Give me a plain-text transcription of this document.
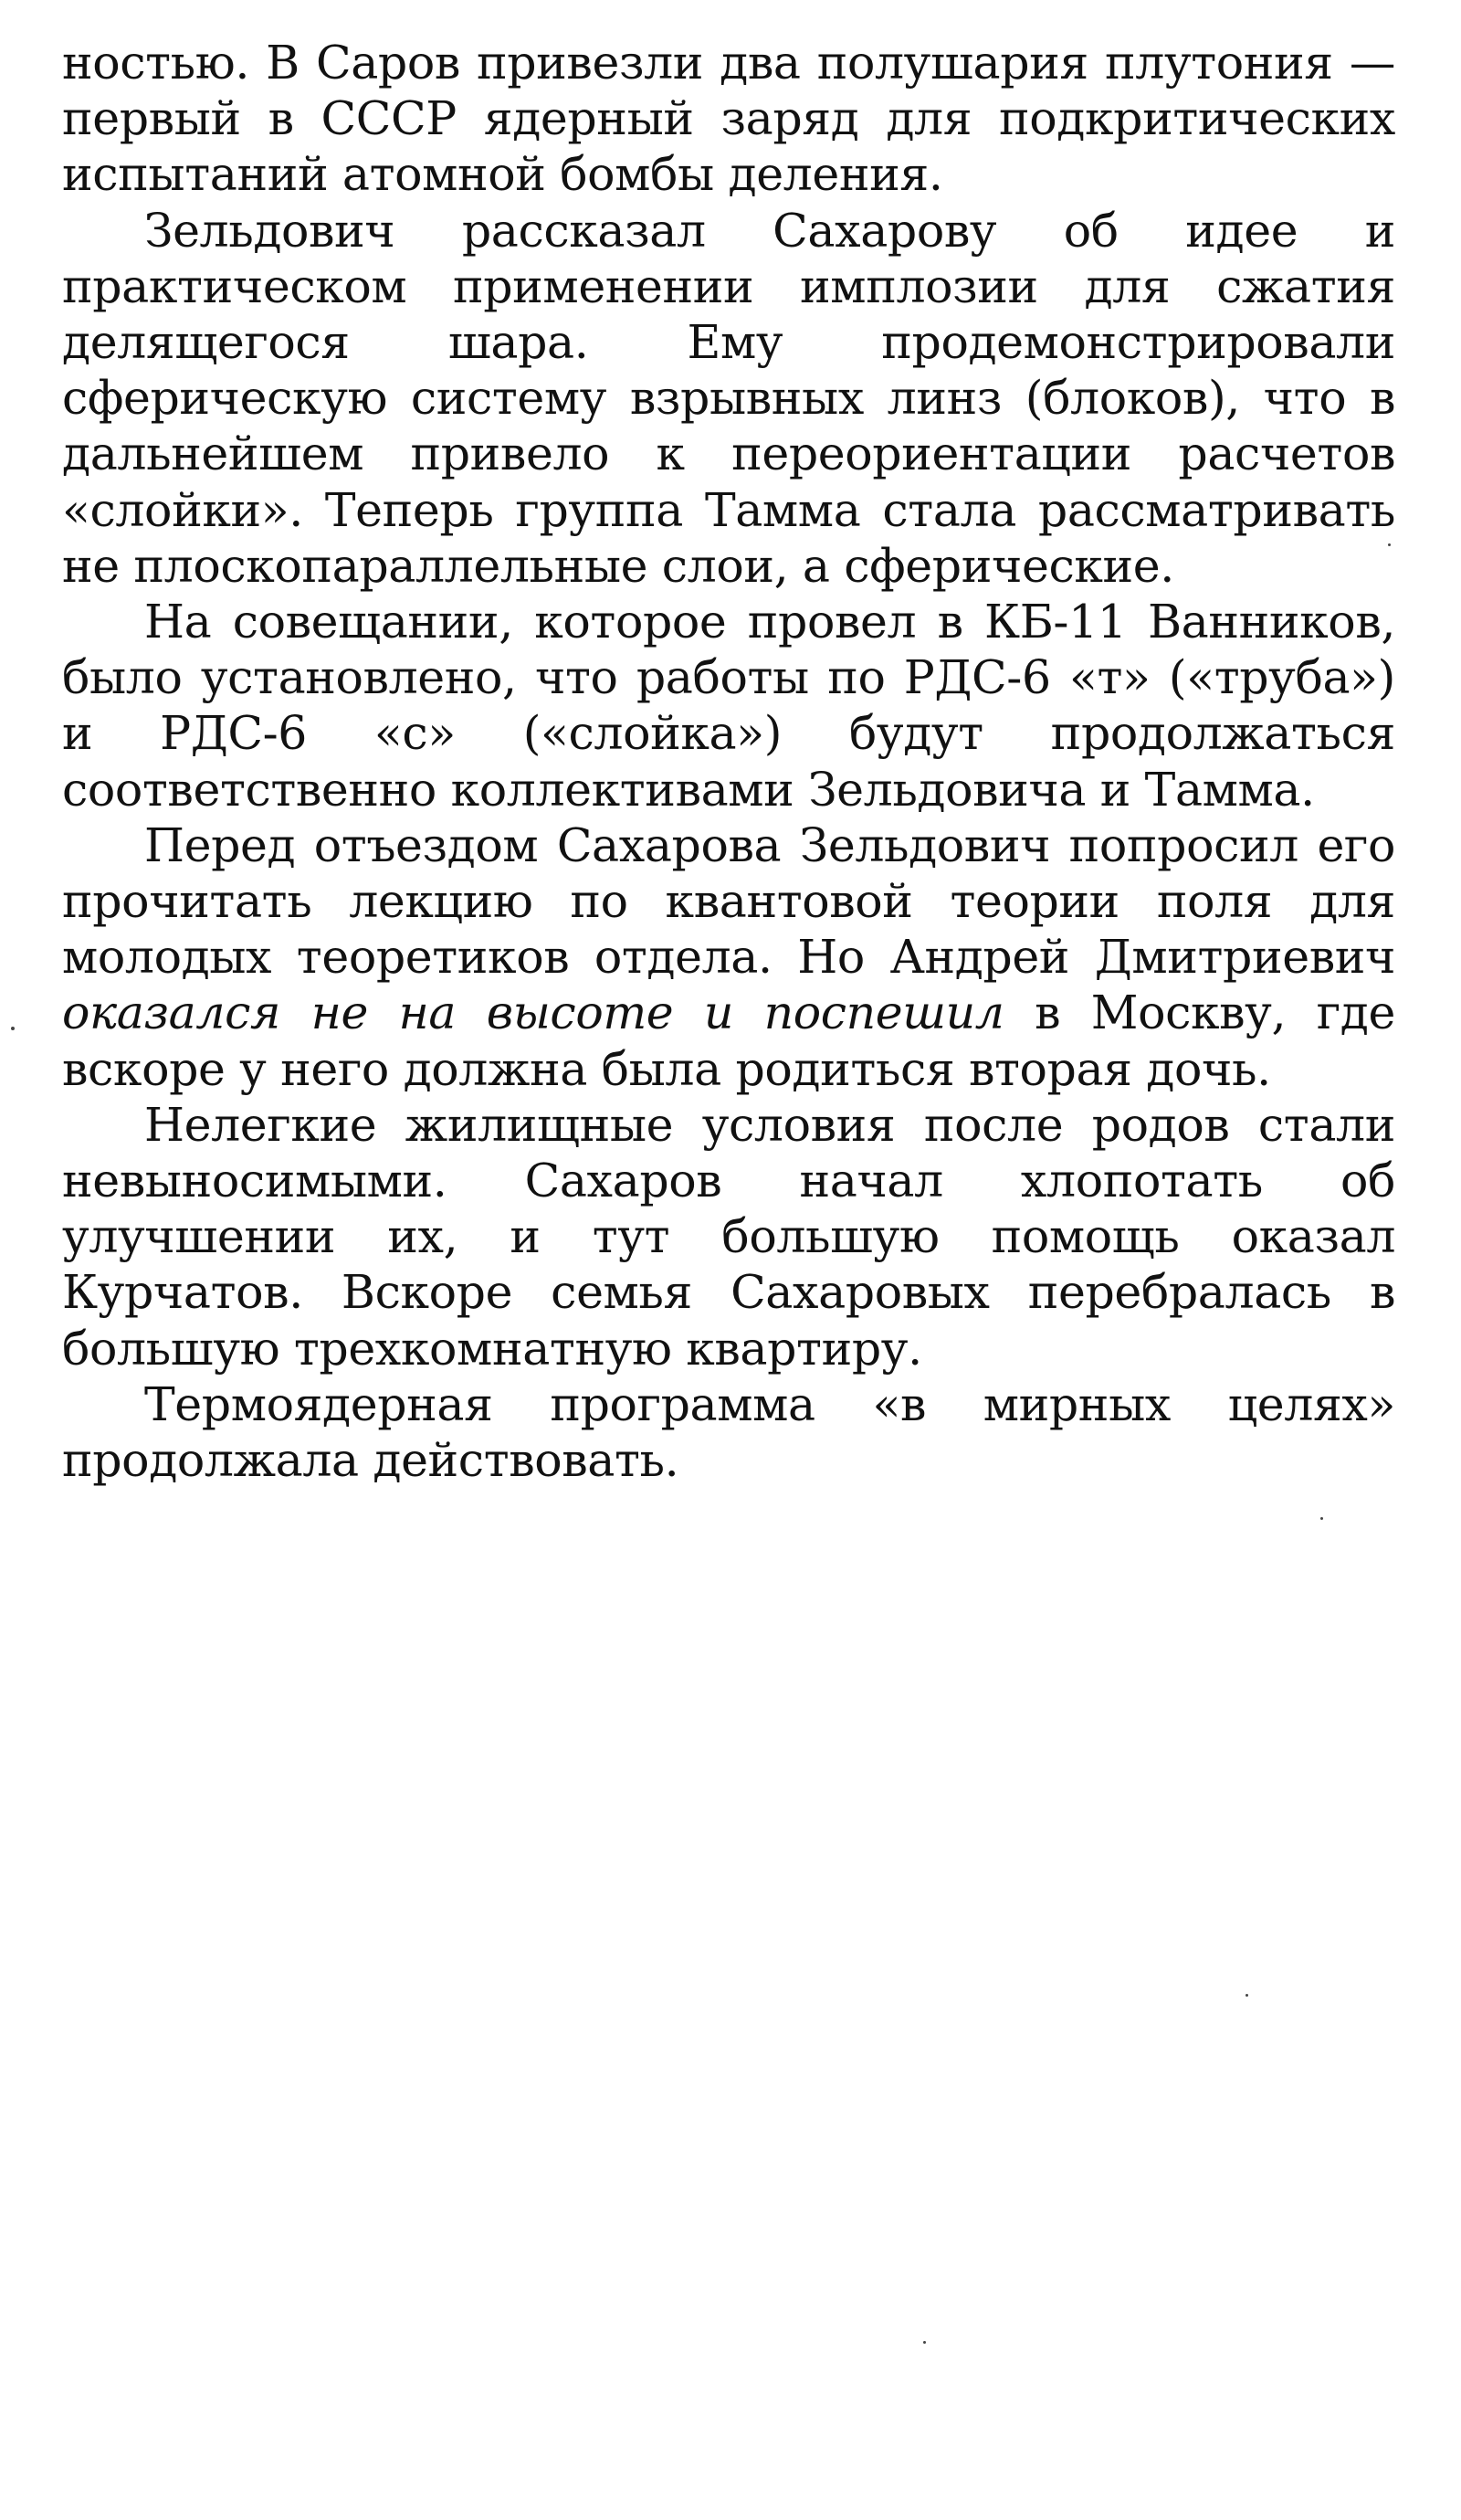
ностью. В Саров привезли два полушария плутония — первый в СССР ядерный заряд для подкритических испытаний атомной бомбы деления.

Зельдович рассказал Сахарову об идее и практическом применении имплозии для сжатия делящегося шара. Ему продемонстрировали сферическую систему взрывных линз (блоков), что в дальнейшем привело к переориентации расчетов «слойки». Теперь группа Тамма стала рассматривать не плоскопараллельные слои, а сферические.

На совещании, которое провел в КБ-11 Ванников, было установлено, что работы по РДС-6 «т» («труба») и РДС-6 «с» («слойка») будут продолжаться соответственно коллективами Зельдовича и Тамма.

Перед отъездом Сахарова Зельдович попросил его прочитать лекцию по квантовой теории поля для молодых теоретиков отдела. Но Андрей Дмитриевич оказался не на высоте и поспешил в Москву, где вскоре у него должна была родиться вторая дочь.

Нелегкие жилищные условия после родов стали невыносимыми. Сахаров начал хлопотать об улучшении их, и тут большую помощь оказал Курчатов. Вскоре семья Сахаровых перебралась в большую трехкомнатную квартиру.

Термоядерная программа «в мирных целях» продолжала действовать.
